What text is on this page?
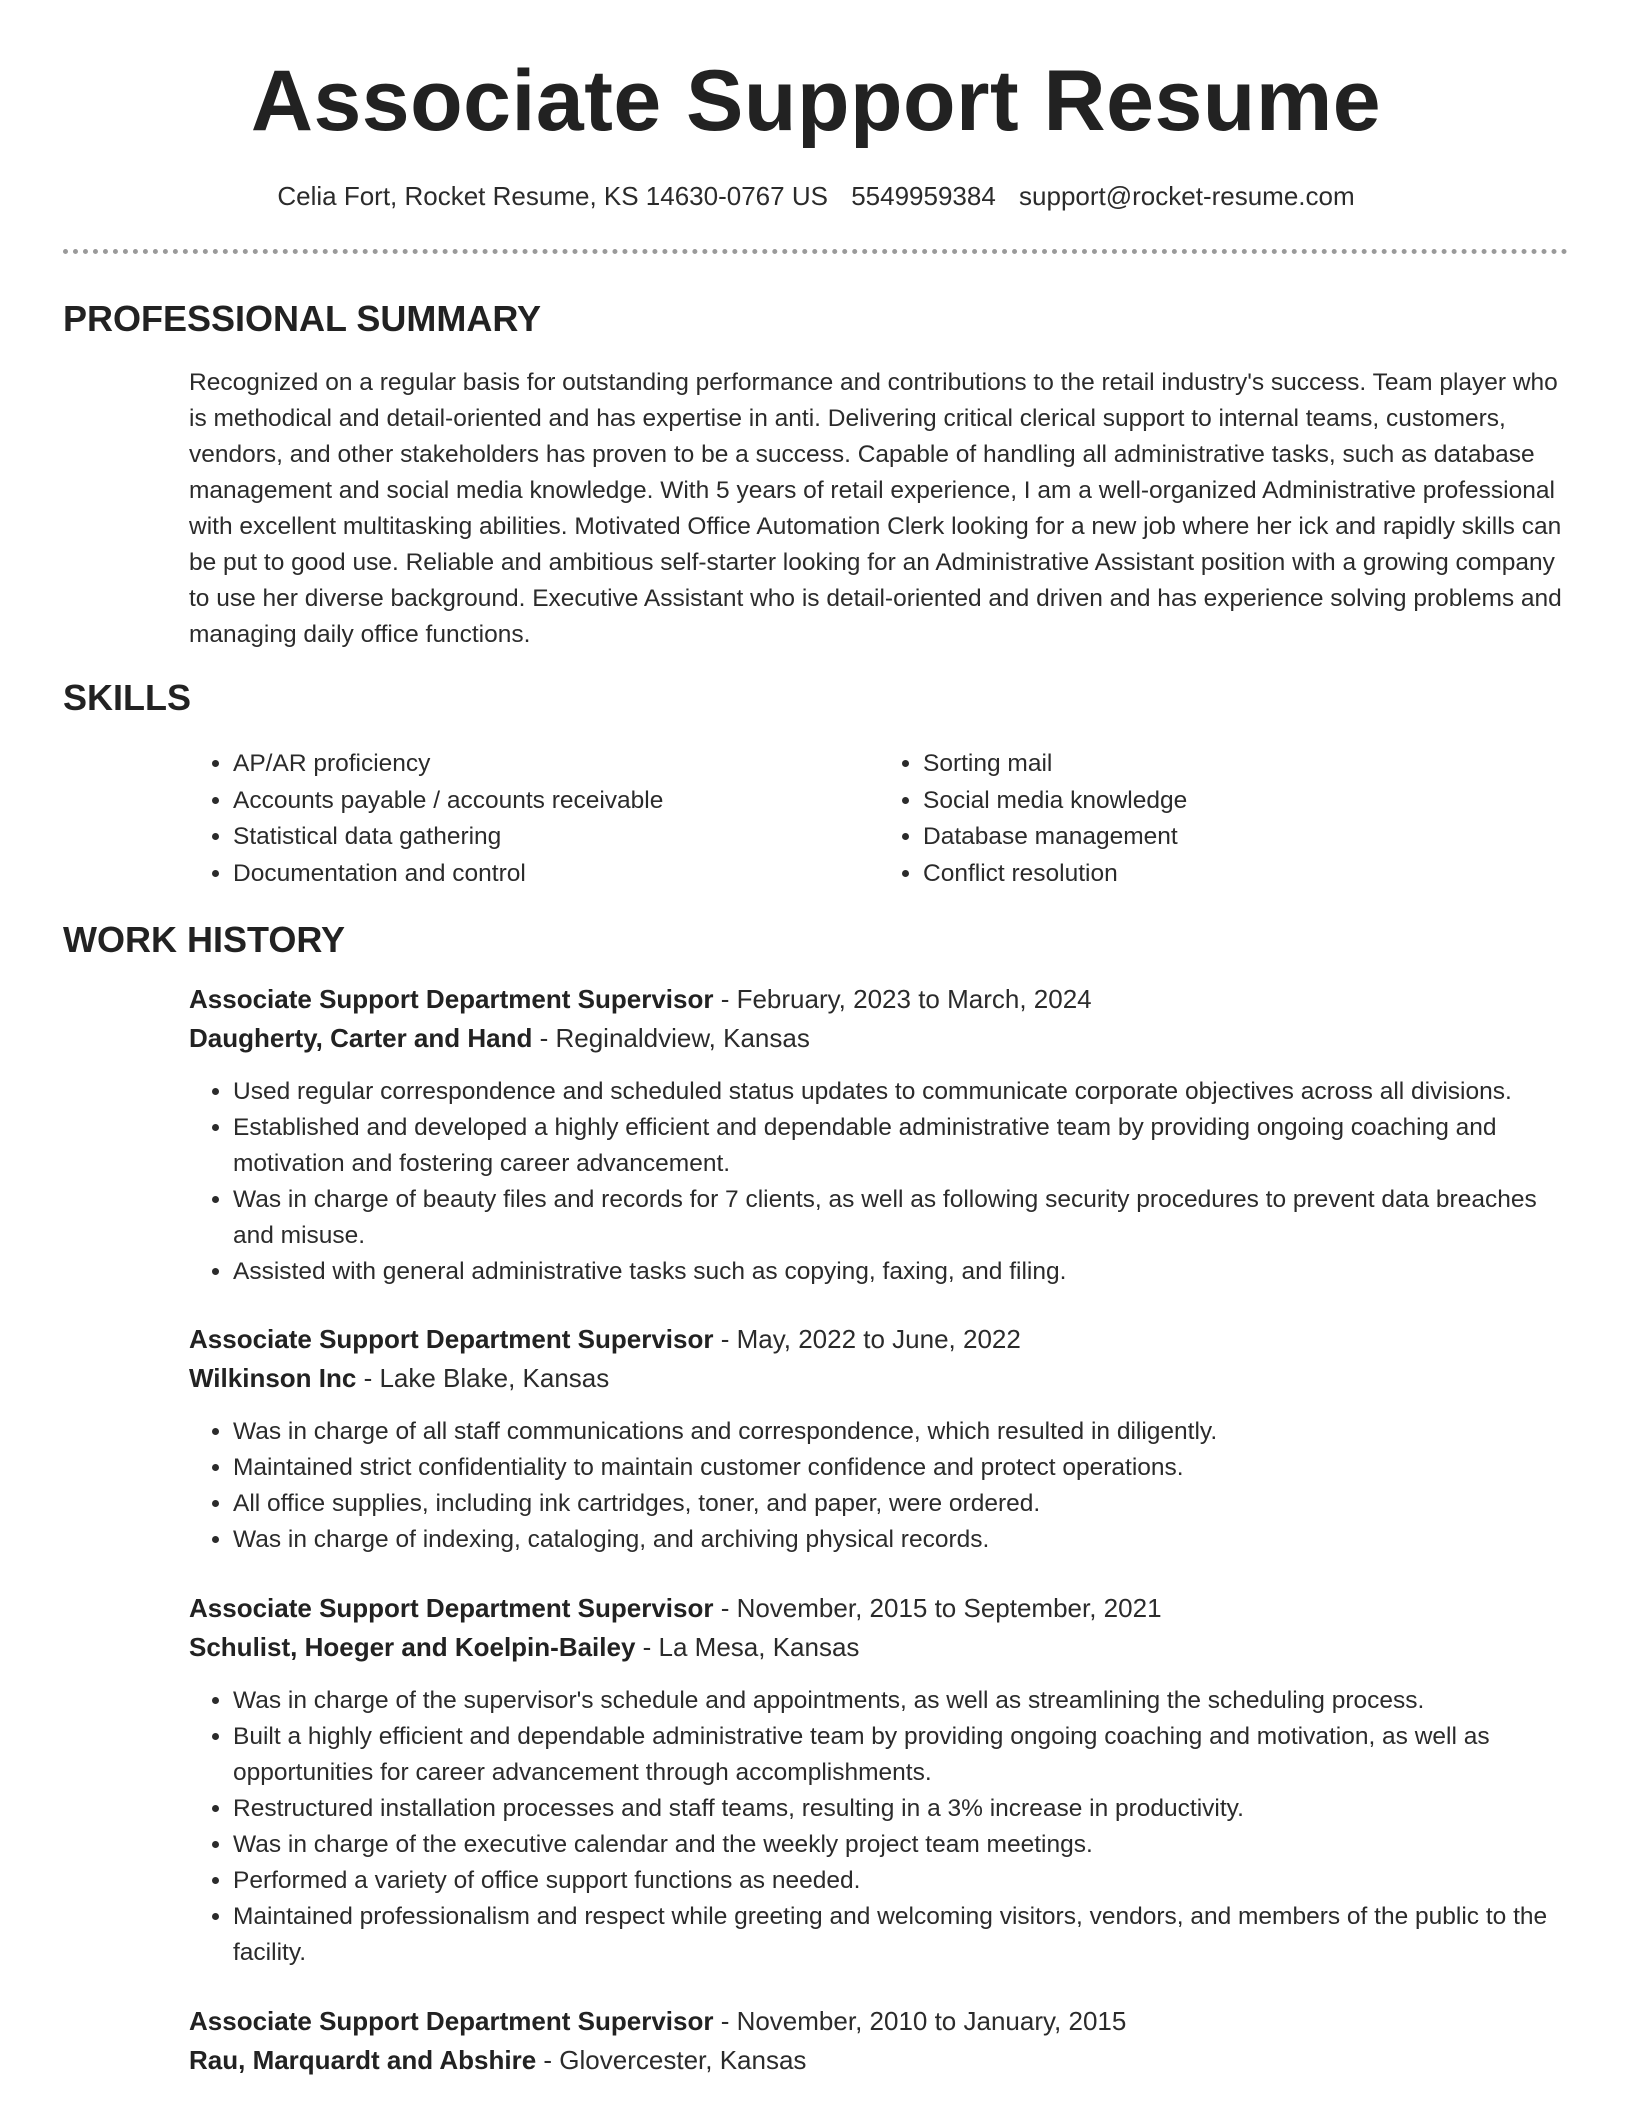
Associate Support Resume
Celia Fort, Rocket Resume, KS 14630-0767 US 5549959384 support@rocket-resume.com
PROFESSIONAL SUMMARY
Recognized on a regular basis for outstanding performance and contributions to the retail industry's success. Team player who is methodical and detail-oriented and has expertise in anti. Delivering critical clerical support to internal teams, customers, vendors, and other stakeholders has proven to be a success. Capable of handling all administrative tasks, such as database management and social media knowledge. With 5 years of retail experience, I am a well-organized Administrative professional with excellent multitasking abilities. Motivated Office Automation Clerk looking for a new job where her ick and rapidly skills can be put to good use. Reliable and ambitious self-starter looking for an Administrative Assistant position with a growing company to use her diverse background. Executive Assistant who is detail-oriented and driven and has experience solving problems and managing daily office functions.
SKILLS
• AP/AR proficiency
• Accounts payable / accounts receivable
• Statistical data gathering
• Documentation and control
• Sorting mail
• Social media knowledge
• Database management
• Conflict resolution
WORK HISTORY
Associate Support Department Supervisor - February, 2023 to March, 2024
Daugherty, Carter and Hand - Reginaldview, Kansas
• Used regular correspondence and scheduled status updates to communicate corporate objectives across all divisions.
• Established and developed a highly efficient and dependable administrative team by providing ongoing coaching and motivation and fostering career advancement.
• Was in charge of beauty files and records for 7 clients, as well as following security procedures to prevent data breaches and misuse.
• Assisted with general administrative tasks such as copying, faxing, and filing.
Associate Support Department Supervisor - May, 2022 to June, 2022
Wilkinson Inc - Lake Blake, Kansas
• Was in charge of all staff communications and correspondence, which resulted in diligently.
• Maintained strict confidentiality to maintain customer confidence and protect operations.
• All office supplies, including ink cartridges, toner, and paper, were ordered.
• Was in charge of indexing, cataloging, and archiving physical records.
Associate Support Department Supervisor - November, 2015 to September, 2021
Schulist, Hoeger and Koelpin-Bailey - La Mesa, Kansas
• Was in charge of the supervisor's schedule and appointments, as well as streamlining the scheduling process.
• Built a highly efficient and dependable administrative team by providing ongoing coaching and motivation, as well as opportunities for career advancement through accomplishments.
• Restructured installation processes and staff teams, resulting in a 3% increase in productivity.
• Was in charge of the executive calendar and the weekly project team meetings.
• Performed a variety of office support functions as needed.
• Maintained professionalism and respect while greeting and welcoming visitors, vendors, and members of the public to the facility.
Associate Support Department Supervisor - November, 2010 to January, 2015
Rau, Marquardt and Abshire - Glovercester, Kansas
